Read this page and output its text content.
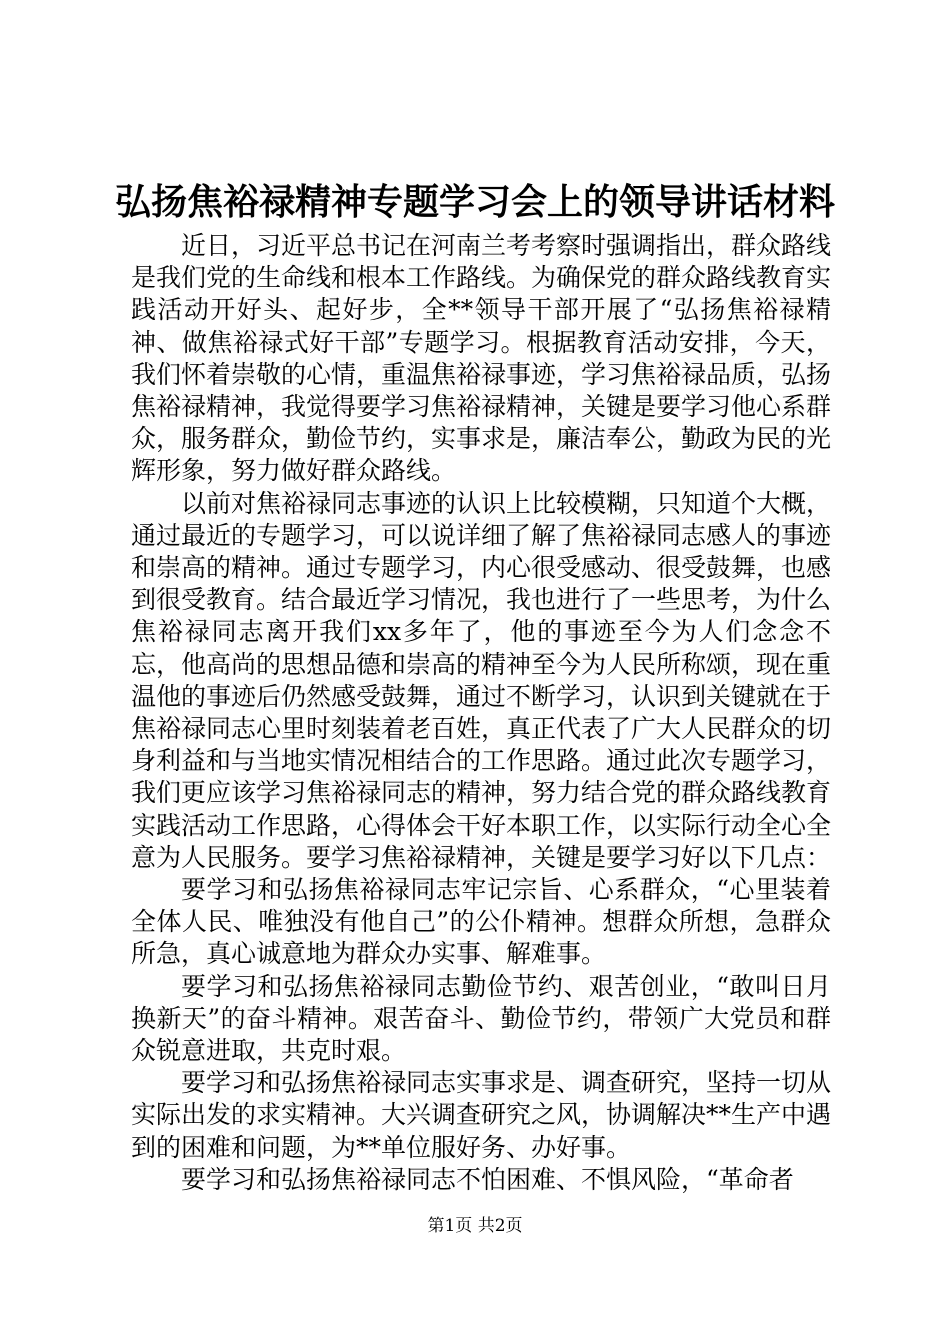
弘扬焦裕禄精神专题学习会上的领导讲话材料

近日，习近平总书记在河南兰考考察时强调指出，群众路线是我们党的生命线和根本工作路线。为确保党的群众路线教育实践活动开好头、起好步，全**领导干部开展了“弘扬焦裕禄精神、做焦裕禄式好干部”专题学习。根据教育活动安排，今天，我们怀着崇敬的心情，重温焦裕禄事迹，学习焦裕禄品质，弘扬焦裕禄精神，我觉得要学习焦裕禄精神，关键是要学习他心系群众，服务群众，勤俭节约，实事求是，廉洁奉公，勤政为民的光辉形象，努力做好群众路线。

以前对焦裕禄同志事迹的认识上比较模糊，只知道个大概，通过最近的专题学习，可以说详细了解了焦裕禄同志感人的事迹和崇高的精神。通过专题学习，内心很受感动、很受鼓舞，也感到很受教育。结合最近学习情况，我也进行了一些思考，为什么焦裕禄同志离开我们xx多年了，他的事迹至今为人们念念不忘，他高尚的思想品德和崇高的精神至今为人民所称颂，现在重温他的事迹后仍然感受鼓舞，通过不断学习，认识到关键就在于焦裕禄同志心里时刻装着老百姓，真正代表了广大人民群众的切身利益和与当地实情况相结合的工作思路。通过此次专题学习，我们更应该学习焦裕禄同志的精神，努力结合党的群众路线教育实践活动工作思路，心得体会干好本职工作，以实际行动全心全意为人民服务。要学习焦裕禄精神，关键是要学习好以下几点：

要学习和弘扬焦裕禄同志牢记宗旨、心系群众，“心里装着全体人民、唯独没有他自己”的公仆精神。想群众所想，急群众所急，真心诚意地为群众办实事、解难事。

要学习和弘扬焦裕禄同志勤俭节约、艰苦创业，“敢叫日月换新天”的奋斗精神。艰苦奋斗、勤俭节约，带领广大党员和群众锐意进取，共克时艰。

要学习和弘扬焦裕禄同志实事求是、调查研究，坚持一切从实际出发的求实精神。大兴调查研究之风，协调解决**生产中遇到的困难和问题，为**单位服好务、办好事。

要学习和弘扬焦裕禄同志不怕困难、不惧风险，“革命者

第1页 共2页
